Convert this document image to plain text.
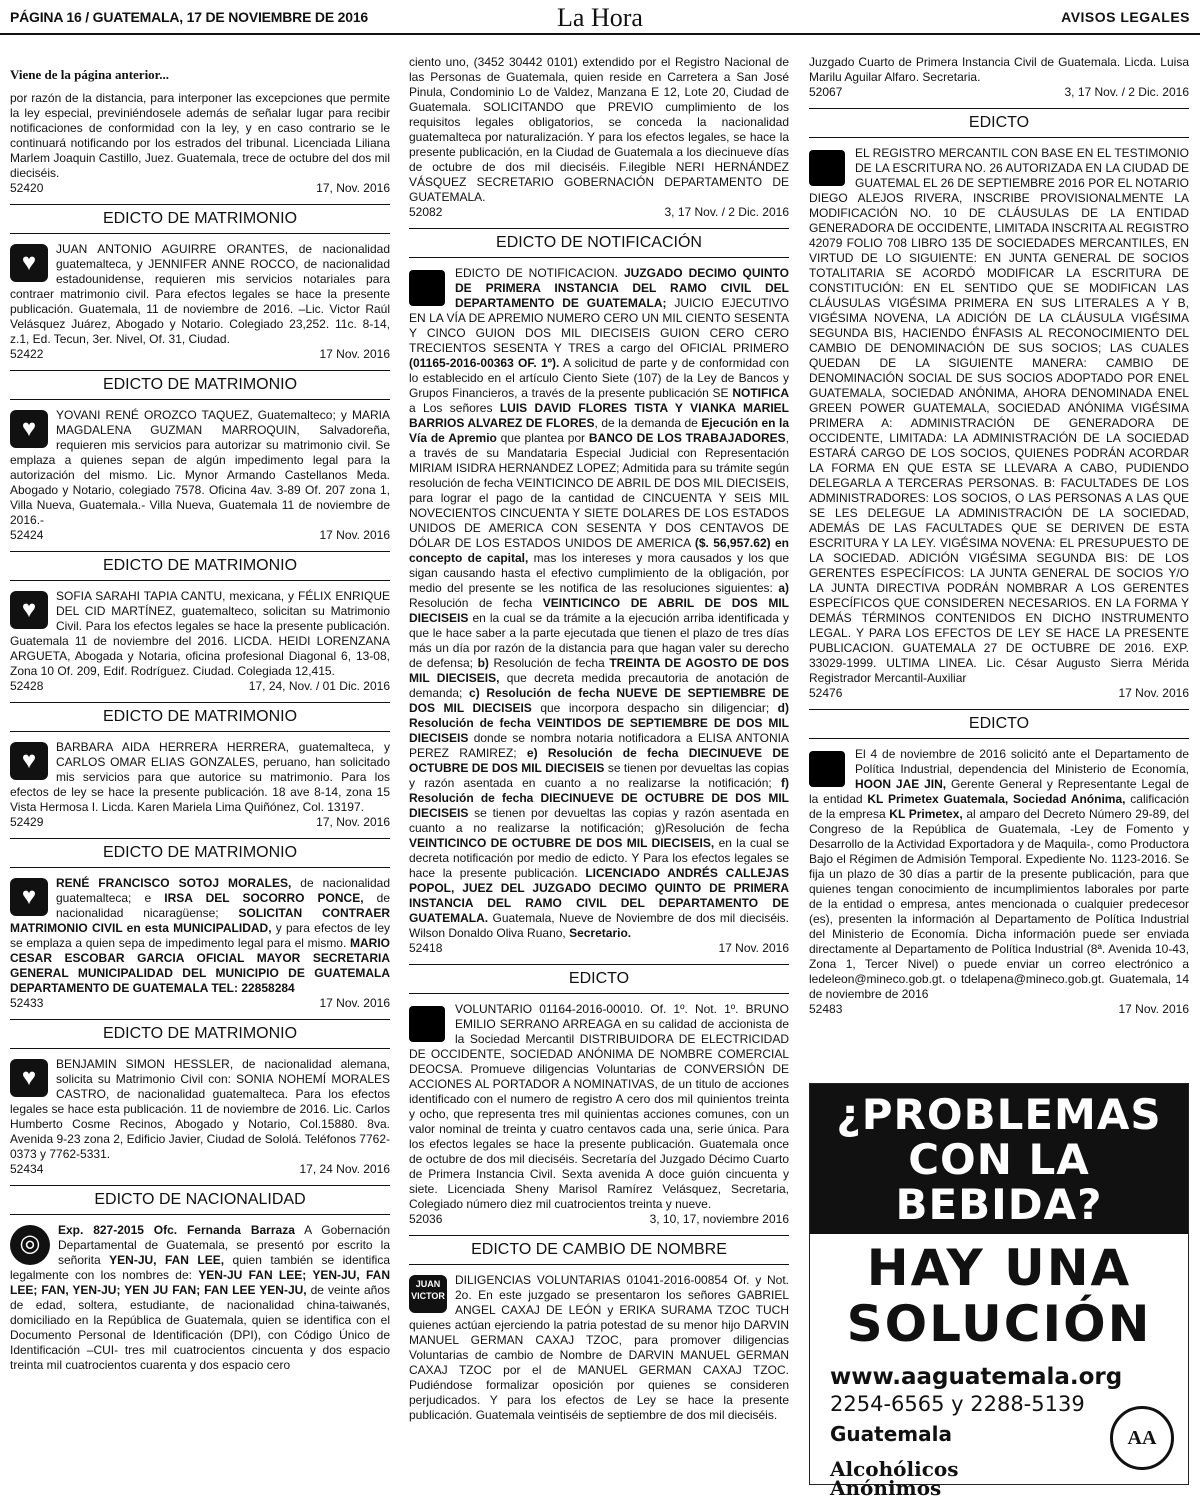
PÁGINA 16 / GUATEMALA, 17 DE NOVIEMBRE DE 2016	La Hora	AVISOS LEGALES
Viene de la página anterior...

por razón de la distancia, para interponer las excepciones que permite la ley especial, previniéndosele además de señalar lugar para recibir notificaciones de conformidad con la ley, y en caso contrario se le continuará notificando por los estrados del tribunal. Licenciada Liliana Marlem Joaquin Castillo, Juez. Guatemala, trece de octubre del dos mil dieciséis.

52420	17, Nov. 2016
EDICTO DE MATRIMONIO
♥	JUAN ANTONIO AGUIRRE ORANTES, de nacionalidad guatemalteca, y JENNIFER ANNE ROCCO, de nacionalidad estadounidense, requieren mis servicios notariales para contraer matrimonio civil. Para efectos legales se hace la presente publicación. Guatemala, 11 de noviembre de 2016. –Lic. Victor Raúl Velásquez Juárez, Abogado y Notario. Colegiado 23,252. 11c. 8-14, z.1, Ed. Tecun, 3er. Nivel, Of. 31, Ciudad.

52422	17 Nov. 2016
EDICTO DE MATRIMONIO
♥	YOVANI RENÉ OROZCO TAQUEZ, Guatemalteco; y MARIA MAGDALENA GUZMAN MARROQUIN, Salvadoreña, requieren mis servicios para autorizar su matrimonio civil. Se emplaza a quienes sepan de algún impedimento legal para la autorización del mismo. Lic. Mynor Armando Castellanos Meda. Abogado y Notario, colegiado 7578. Oficina 4av. 3-89 Of. 207 zona 1, Villa Nueva, Guatemala.- Villa Nueva, Guatemala 11 de noviembre de 2016.-

52424	17 Nov. 2016
EDICTO DE MATRIMONIO
♥	SOFIA SARAHI TAPIA CANTU, mexicana, y FÉLIX ENRIQUE DEL CID MARTÍNEZ, guatemalteco, solicitan su Matrimonio Civil. Para los efectos legales se hace la presente publicación. Guatemala 11 de noviembre del 2016. LICDA. HEIDI LORENZANA ARGUETA, Abogada y Notaria, oficina profesional Diagonal 6, 13-08, Zona 10 Of. 209, Edif. Rodríguez. Ciudad. Colegiada 12,415.

52428	17, 24, Nov. / 01 Dic. 2016
EDICTO DE MATRIMONIO
♥	BARBARA AIDA HERRERA HERRERA, guatemalteca, y CARLOS OMAR ELIAS GONZALES, peruano, han solicitado mis servicios para que autorice su matrimonio. Para los efectos de ley se hace la presente publicación. 18 ave 8-14, zona 15 Vista Hermosa I. Licda. Karen Mariela Lima Quiñónez, Col. 13197.

52429	17, Nov. 2016
EDICTO DE MATRIMONIO
♥	RENÉ FRANCISCO SOTOJ MORALES, de nacionalidad guatemalteca; e IRSA DEL SOCORRO PONCE, de nacionalidad nicaragüense; SOLICITAN CONTRAER MATRIMONIO CIVIL en esta MUNICIPALIDAD, y para efectos de ley se emplaza a quien sepa de impedimento legal para el mismo. MARIO CESAR ESCOBAR GARCIA OFICIAL MAYOR SECRETARIA GENERAL MUNICIPALIDAD DEL MUNICIPIO DE GUATEMALA DEPARTAMENTO DE GUATEMALA TEL: 22858284

52433	17 Nov. 2016
EDICTO DE MATRIMONIO
♥	BENJAMIN SIMON HESSLER, de nacionalidad alemana, solicita su Matrimonio Civil con: SONIA NOHEMÍ MORALES CASTRO, de nacionalidad guatemalteca. Para los efectos legales se hace esta publicación. 11 de noviembre de 2016. Lic. Carlos Humberto Cosme Recinos, Abogado y Notario, Col.15880. 8va. Avenida 9-23 zona 2, Edificio Javier, Ciudad de Sololá. Teléfonos 7762-0373 y 7762-5331.

52434	17, 24 Nov. 2016
EDICTO DE NACIONALIDAD
◎	Exp. 827-2015 Ofc. Fernanda Barraza A Gobernación Departamental de Guatemala, se presentó por escrito la señorita YEN-JU, FAN LEE, quien también se identifica legalmente con los nombres de: YEN-JU FAN LEE; YEN-JU, FAN LEE; FAN, YEN-JU; YEN JU FAN; FAN LEE YEN-JU, de veinte años de edad, soltera, estudiante, de nacionalidad china-taiwanés, domiciliado en la República de Guatemala, quien se identifica con el Documento Personal de Identificación (DPI), con Código Único de Identificación –CUI- tres mil cuatrocientos cincuenta y dos espacio treinta mil cuatrocientos cuarenta y dos espacio cero

ciento uno, (3452 30442 0101) extendido por el Registro Nacional de las Personas de Guatemala, quien reside en Carretera a San José Pinula, Condominio Lo de Valdez, Manzana E 12, Lote 20, Ciudad de Guatemala. SOLICITANDO que PREVIO cumplimiento de los requisitos legales obligatorios, se conceda la nacionalidad guatemalteca por naturalización. Y para los efectos legales, se hace la presente publicación, en la Ciudad de Guatemala a los diecinueve días de octubre de dos mil dieciséis. F.ilegible NERI HERNÁNDEZ VÁSQUEZ SECRETARIO GOBERNACIÓN DEPARTAMENTO DE GUATEMALA.

52082	3, 17 Nov. / 2 Dic. 2016
EDICTO DE NOTIFICACIÓN

EDICTO DE NOTIFICACION. JUZGADO DECIMO QUINTO DE PRIMERA INSTANCIA DEL RAMO CIVIL DEL DEPARTAMENTO DE GUATEMALA; JUICIO EJECUTIVO EN LA VÍA DE APREMIO NUMERO CERO UN MIL CIENTO SESENTA Y CINCO GUION DOS MIL DIECISEIS GUION CERO CERO TRECIENTOS SESENTA Y TRES a cargo del OFICIAL PRIMERO (01165-2016-00363 OF. 1º). A solicitud de parte y de conformidad con lo establecido en el artículo Ciento Siete (107) de la Ley de Bancos y Grupos Financieros, a través de la presente publicación SE NOTIFICA a Los señores LUIS DAVID FLORES TISTA Y VIANKA MARIEL BARRIOS ALVAREZ DE FLORES, de la demanda de Ejecución en la Vía de Apremio que plantea por BANCO DE LOS TRABAJADORES, a través de su Mandataria Especial Judicial con Representación MIRIAM ISIDRA HERNANDEZ LOPEZ; Admitida para su trámite según resolución de fecha VEINTICINCO DE ABRIL DE DOS MIL DIECISEIS, para lograr el pago de la cantidad de CINCUENTA Y SEIS MIL NOVECIENTOS CINCUENTA Y SIETE DOLARES DE LOS ESTADOS UNIDOS DE AMERICA CON SESENTA Y DOS CENTAVOS DE DÓLAR DE LOS ESTADOS UNIDOS DE AMERICA ($. 56,957.62) en concepto de capital, mas los intereses y mora causados y los que sigan causando hasta el efectivo cumplimiento de la obligación, por medio del presente se les notifica de las resoluciones siguientes: a) Resolución de fecha VEINTICINCO DE ABRIL DE DOS MIL DIECISEIS en la cual se da trámite a la ejecución arriba identificada y que le hace saber a la parte ejecutada que tienen el plazo de tres días más un día por razón de la distancia para que hagan valer su derecho de defensa; b) Resolución de fecha TREINTA DE AGOSTO DE DOS MIL DIECISEIS, que decreta medida precautoria de anotación de demanda; c) Resolución de fecha NUEVE DE SEPTIEMBRE DE DOS MIL DIECISEIS que incorpora despacho sin diligenciar; d) Resolución de fecha VEINTIDOS DE SEPTIEMBRE DE DOS MIL DIECISEIS donde se nombra notaria notificadora a ELISA ANTONIA PEREZ RAMIREZ; e) Resolución de fecha DIECINUEVE DE OCTUBRE DE DOS MIL DIECISEIS se tienen por devueltas las copias y razón asentada en cuanto a no realizarse la notificación; f) Resolución de fecha DIECINUEVE DE OCTUBRE DE DOS MIL DIECISEIS se tienen por devueltas las copias y razón asentada en cuanto a no realizarse la notificación; g)Resolución de fecha VEINTICINCO DE OCTUBRE DE DOS MIL DIECISEIS, en la cual se decreta notificación por medio de edicto. Y Para los efectos legales se hace la presente publicación. LICENCIADO ANDRÉS CALLEJAS POPOL, JUEZ DEL JUZGADO DECIMO QUINTO DE PRIMERA INSTANCIA DEL RAMO CIVIL DEL DEPARTAMENTO DE GUATEMALA. Guatemala, Nueve de Noviembre de dos mil dieciséis. Wilson Donaldo Oliva Ruano, Secretario.

52418	17 Nov. 2016
EDICTO

VOLUNTARIO 01164-2016-00010. Of. 1º. Not. 1º. BRUNO EMILIO SERRANO ARREAGA en su calidad de accionista de la Sociedad Mercantil DISTRIBUIDORA DE ELECTRICIDAD DE OCCIDENTE, SOCIEDAD ANÓNIMA DE NOMBRE COMERCIAL DEOCSA. Promueve diligencias Voluntarias de CONVERSIÓN DE ACCIONES AL PORTADOR A NOMINATIVAS, de un titulo de acciones identificado con el numero de registro A cero dos mil quinientos treinta y ocho, que representa tres mil quinientas acciones comunes, con un valor nominal de treinta y cuatro centavos cada una, serie única. Para los efectos legales se hace la presente publicación. Guatemala once de octubre de dos mil dieciséis. Secretaría del Juzgado Décimo Cuarto de Primera Instancia Civil. Sexta avenida A doce guión cincuenta y siete. Licenciada Sheny Marisol Ramírez Velásquez, Secretaria, Colegiado número diez mil cuatrocientos treinta y nueve.

52036	3, 10, 17, noviembre 2016
EDICTO DE CAMBIO DE NOMBRE
JUAN VICTOR

DILIGENCIAS VOLUNTARIAS 01041-2016-00854 Of. y Not. 2o. En este juzgado se presentaron los señores GABRIEL ANGEL CAXAJ DE LEÓN y ERIKA SURAMA TZOC TUCH quienes actúan ejerciendo la patria potestad de su menor hijo DARVIN MANUEL GERMAN CAXAJ TZOC, para promover diligencias Voluntarias de cambio de Nombre de DARVIN MANUEL GERMAN CAXAJ TZOC por el de MANUEL GERMAN CAXAJ TZOC. Pudiéndose formalizar oposición por quienes se consideren perjudicados. Y para los efectos de Ley se hace la presente publicación. Guatemala veintiséis de septiembre de dos mil dieciséis.

Juzgado Cuarto de Primera Instancia Civil de Guatemala. Licda. Luisa Marilu Aguilar Alfaro. Secretaria.

52067	3, 17 Nov. / 2 Dic. 2016
EDICTO

EL REGISTRO MERCANTIL CON BASE EN EL TESTIMONIO DE LA ESCRITURA NO. 26 AUTORIZADA EN LA CIUDAD DE GUATEMAL EL 26 DE SEPTIEMBRE 2016 POR EL NOTARIO DIEGO ALEJOS RIVERA, INSCRIBE PROVISIONALMENTE LA MODIFICACIÓN NO. 10 DE CLÁUSULAS DE LA ENTIDAD GENERADORA DE OCCIDENTE, LIMITADA INSCRITA AL REGISTRO 42079 FOLIO 708 LIBRO 135 DE SOCIEDADES MERCANTILES, EN VIRTUD DE LO SIGUIENTE: EN JUNTA GENERAL DE SOCIOS TOTALITARIA SE ACORDÓ MODIFICAR LA ESCRITURA DE CONSTITUCIÓN: EN EL SENTIDO QUE SE MODIFICAN LAS CLÁUSULAS VIGÉSIMA PRIMERA EN SUS LITERALES A Y B, VIGÉSIMA NOVENA, LA ADICIÓN DE LA CLÁUSULA VIGÉSIMA SEGUNDA BIS, HACIENDO ÉNFASIS AL RECONOCIMIENTO DEL CAMBIO DE DENOMINACIÓN DE SUS SOCIOS; LAS CUALES QUEDAN DE LA SIGUIENTE MANERA: CAMBIO DE DENOMINACIÓN SOCIAL DE SUS SOCIOS ADOPTADO POR ENEL GUATEMALA, SOCIEDAD ANÓNIMA, AHORA DENOMINADA ENEL GREEN POWER GUATEMALA, SOCIEDAD ANÓNIMA VIGÉSIMA PRIMERA A: ADMINISTRACIÓN DE GENERADORA DE OCCIDENTE, LIMITADA: LA ADMINISTRACIÓN DE LA SOCIEDAD ESTARÁ CARGO DE LOS SOCIOS, QUIENES PODRÁN ACORDAR LA FORMA EN QUE ESTA SE LLEVARA A CABO, PUDIENDO DELEGARLA A TERCERAS PERSONAS. B: FACULTADES DE LOS ADMINISTRADORES: LOS SOCIOS, O LAS PERSONAS A LAS QUE SE LES DELEGUE LA ADMINISTRACIÓN DE LA SOCIEDAD, ADEMÁS DE LAS FACULTADES QUE SE DERIVEN DE ESTA ESCRITURA Y LA LEY. VIGÉSIMA NOVENA: EL PRESUPUESTO DE LA SOCIEDAD. ADICIÓN VIGÉSIMA SEGUNDA BIS: DE LOS GERENTES ESPECÍFICOS: LA JUNTA GENERAL DE SOCIOS Y/O LA JUNTA DIRECTIVA PODRÁN NOMBRAR A LOS GERENTES ESPECÍFICOS QUE CONSIDEREN NECESARIOS. EN LA FORMA Y DEMÁS TÉRMINOS CONTENIDOS EN DICHO INSTRUMENTO LEGAL. Y PARA LOS EFECTOS DE LEY SE HACE LA PRESENTE PUBLICACION. GUATEMALA 27 DE OCTUBRE DE 2016. EXP. 33029-1999. ULTIMA LINEA. Lic. César Augusto Sierra Mérida Registrador Mercantil-Auxiliar

52476	17 Nov. 2016
EDICTO

El 4 de noviembre de 2016 solicitó ante el Departamento de Política Industrial, dependencia del Ministerio de Economía, HOON JAE JIN, Gerente General y Representante Legal de la entidad KL Primetex Guatemala, Sociedad Anónima, calificación de la empresa KL Primetex, al amparo del Decreto Número 29-89, del Congreso de la República de Guatemala, -Ley de Fomento y Desarrollo de la Actividad Exportadora y de Maquila-, como Productora Bajo el Régimen de Admisión Temporal. Expediente No. 1123-2016. Se fija un plazo de 30 días a partir de la presente publicación, para que quienes tengan conocimiento de incumplimientos laborales por parte de la entidad o empresa, antes mencionada o cualquier predecesor (es), presenten la información al Departamento de Política Industrial del Ministerio de Economía. Dicha información puede ser enviada directamente al Departamento de Política Industrial (8ª. Avenida 10-43, Zona 1, Tercer Nivel) o puede enviar un correo electrónico a ledeleon@mineco.gob.gt. o tdelapena@mineco.gob.gt. Guatemala, 14 de noviembre de 2016

52483	17 Nov. 2016
¿PROBLEMAS
CON LA
BEBIDA?
HAY UNA
SOLUCIÓN
www.aaguatemala.org
2254-6565 y 2288-5139
Guatemala
Alcohólicos
Anónimos
AA
